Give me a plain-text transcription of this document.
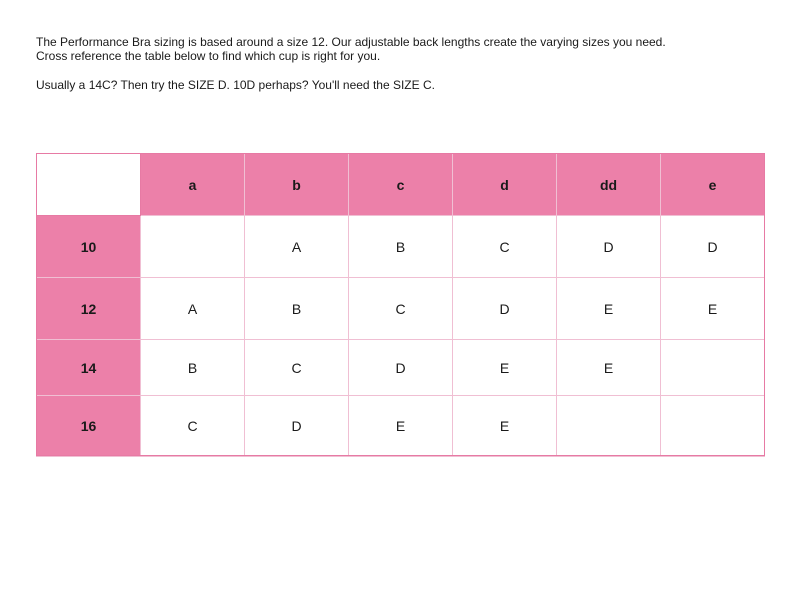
The Performance Bra sizing is based around a size 12. Our adjustable back lengths create the varying sizes you need.
Cross reference the table below to find which cup is right for you.

Usually a 14C? Then try the SIZE D. 10D perhaps? You'll need the SIZE C.

	a	b	c	d	dd	e
10		A	B	C	D	D
12	A	B	C	D	E	E
14	B	C	D	E	E	
16	C	D	E	E		
